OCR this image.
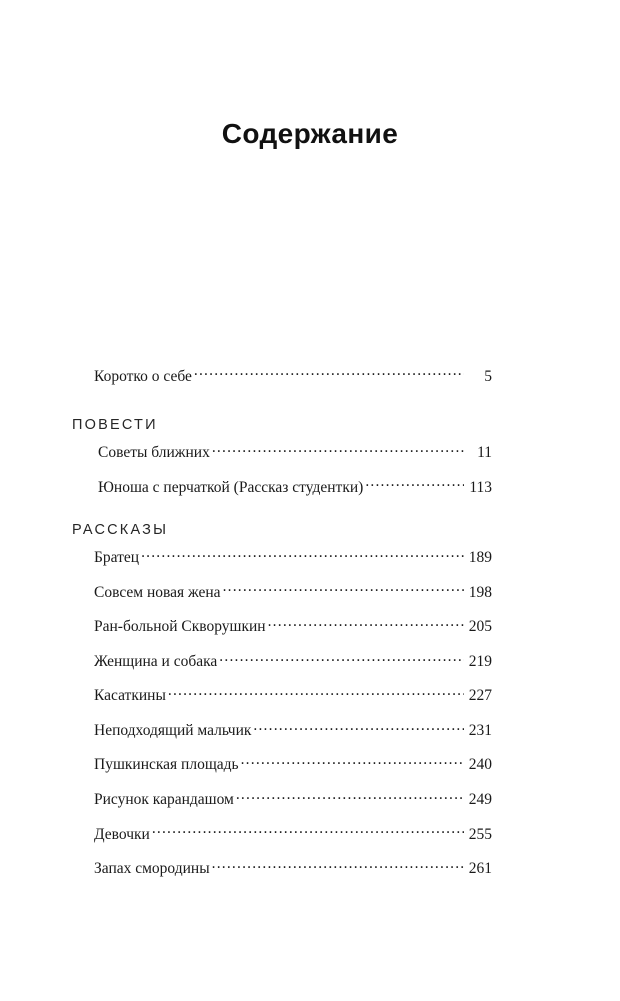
Содержание
Коротко о себе .....	5
ПОВЕСТИ
Советы ближних .....	11
Юноша с перчаткой (Рассказ студентки) .....	113
РАССКАЗЫ
Братец .....	189
Совсем новая жена .....	198
Ран-больной Скворушкин .....	205
Женщина и собака .....	219
Касаткины .....	227
Неподходящий мальчик .....	231
Пушкинская площадь .....	240
Рисунок карандашом .....	249
Девочки .....	255
Запах смородины .....	261
